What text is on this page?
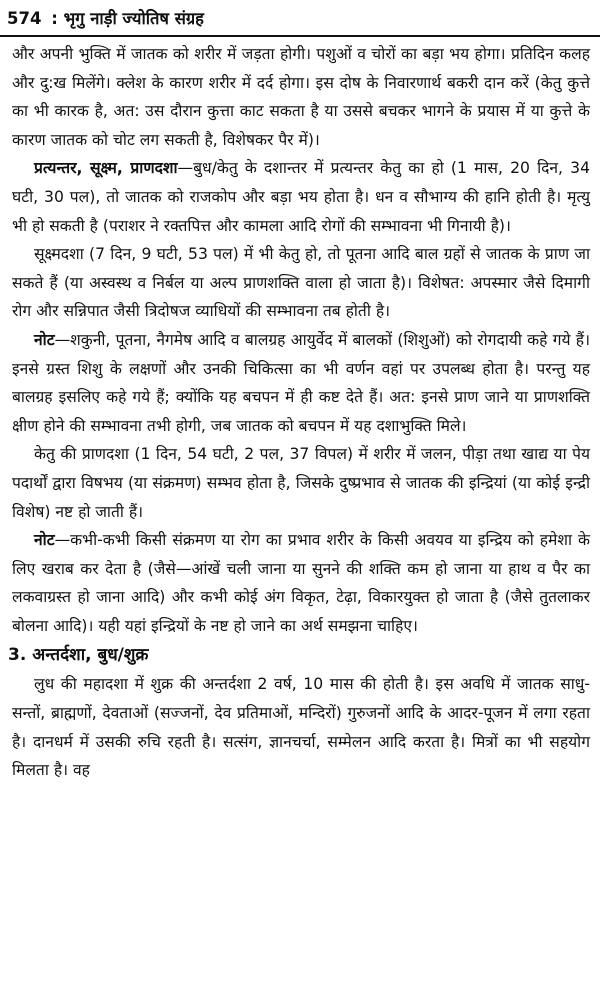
574 : भृगु नाड़ी ज्योतिष संग्रह

और अपनी भुक्ति में जातक को शरीर में जड़ता होगी। पशुओं व चोरों का बड़ा भय होगा। प्रतिदिन कलह और दु:ख मिलेंगे। क्लेश के कारण शरीर में दर्द होगा। इस दोष के निवारणार्थ बकरी दान करें (केतु कुत्ते का भी कारक है, अत: उस दौरान कुत्ता काट सकता है या उससे बचकर भागने के प्रयास में या कुत्ते के कारण जातक को चोट लग सकती है, विशेषकर पैर में)।

प्रत्यन्तर, सूक्ष्म, प्राणदशा—बुध/केतु के दशान्तर में प्रत्यन्तर केतु का हो (1 मास, 20 दिन, 34 घटी, 30 पल), तो जातक को राजकोप और बड़ा भय होता है। धन व सौभाग्य की हानि होती है। मृत्यु भी हो सकती है (पराशर ने रक्तपित्त और कामला आदि रोगों की सम्भावना भी गिनायी है)।

सूक्ष्मदशा (7 दिन, 9 घटी, 53 पल) में भी केतु हो, तो पूतना आदि बाल ग्रहों से जातक के प्राण जा सकते हैं (या अस्वस्थ व निर्बल या अल्प प्राणशक्ति वाला हो जाता है)। विशेषत: अपस्मार जैसे दिमागी रोग और सन्निपात जैसी त्रिदोषज व्याधियों की सम्भावना तब होती है।

नोट—शकुनी, पूतना, नैगमेष आदि व बालग्रह आयुर्वेद में बालकों (शिशुओं) को रोगदायी कहे गये हैं। इनसे ग्रस्त शिशु के लक्षणों और उनकी चिकित्सा का भी वर्णन वहां पर उपलब्ध होता है। परन्तु यह बालग्रह इसलिए कहे गये हैं; क्योंकि यह बचपन में ही कष्ट देते हैं। अत: इनसे प्राण जाने या प्राणशक्ति क्षीण होने की सम्भावना तभी होगी, जब जातक को बचपन में यह दशाभुक्ति मिले।

केतु की प्राणदशा (1 दिन, 54 घटी, 2 पल, 37 विपल) में शरीर में जलन, पीड़ा तथा खाद्य या पेय पदार्थों द्वारा विषभय (या संक्रमण) सम्भव होता है, जिसके दुष्प्रभाव से जातक की इन्द्रियां (या कोई इन्द्री विशेष) नष्ट हो जाती हैं।

नोट—कभी-कभी किसी संक्रमण या रोग का प्रभाव शरीर के किसी अवयव या इन्द्रिय को हमेशा के लिए खराब कर देता है (जैसे—आंखें चली जाना या सुनने की शक्ति कम हो जाना या हाथ व पैर का लकवाग्रस्त हो जाना आदि) और कभी कोई अंग विकृत, टेढ़ा, विकारयुक्त हो जाता है (जैसे तुतलाकर बोलना आदि)। यही यहां इन्द्रियों के नष्ट हो जाने का अर्थ समझना चाहिए।

3. अन्तर्दशा, बुध/शुक्र

लुध की महादशा में शुक्र की अन्तर्दशा 2 वर्ष, 10 मास की होती है। इस अवधि में जातक साधु-सन्तों, ब्राह्मणों, देवताओं (सज्जनों, देव प्रतिमाओं, मन्दिरों) गुरुजनों आदि के आदर-पूजन में लगा रहता है। दानधर्म में उसकी रुचि रहती है। सत्संग, ज्ञानचर्चा, सम्मेलन आदि करता है। मित्रों का भी सहयोग मिलता है। वह
